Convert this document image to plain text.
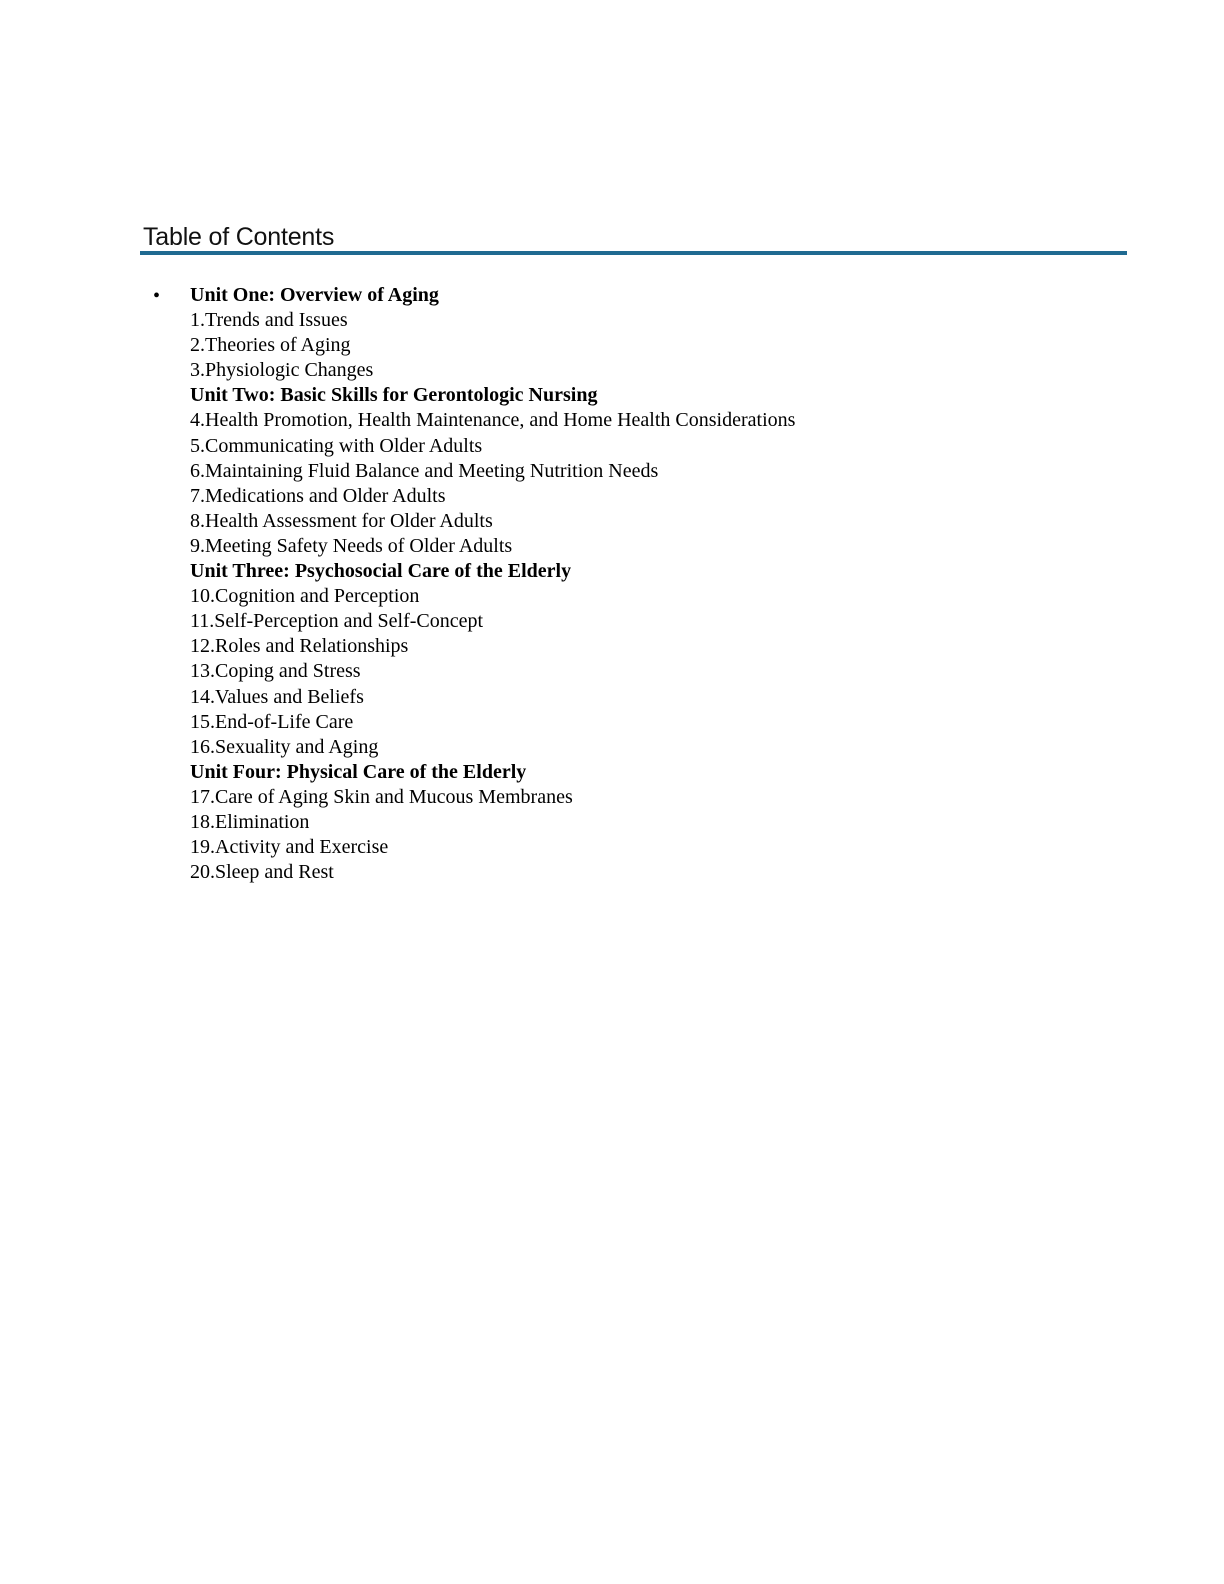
Table of Contents
• Unit One: Overview of Aging
1.Trends and Issues
2.Theories of Aging
3.Physiologic Changes
Unit Two: Basic Skills for Gerontologic Nursing
4.Health Promotion, Health Maintenance, and Home Health Considerations
5.Communicating with Older Adults
6.Maintaining Fluid Balance and Meeting Nutrition Needs
7.Medications and Older Adults
8.Health Assessment for Older Adults
9.Meeting Safety Needs of Older Adults
Unit Three: Psychosocial Care of the Elderly
10.Cognition and Perception
11.Self-Perception and Self-Concept
12.Roles and Relationships
13.Coping and Stress
14.Values and Beliefs
15.End-of-Life Care
16.Sexuality and Aging
Unit Four: Physical Care of the Elderly
17.Care of Aging Skin and Mucous Membranes
18.Elimination
19.Activity and Exercise
20.Sleep and Rest
